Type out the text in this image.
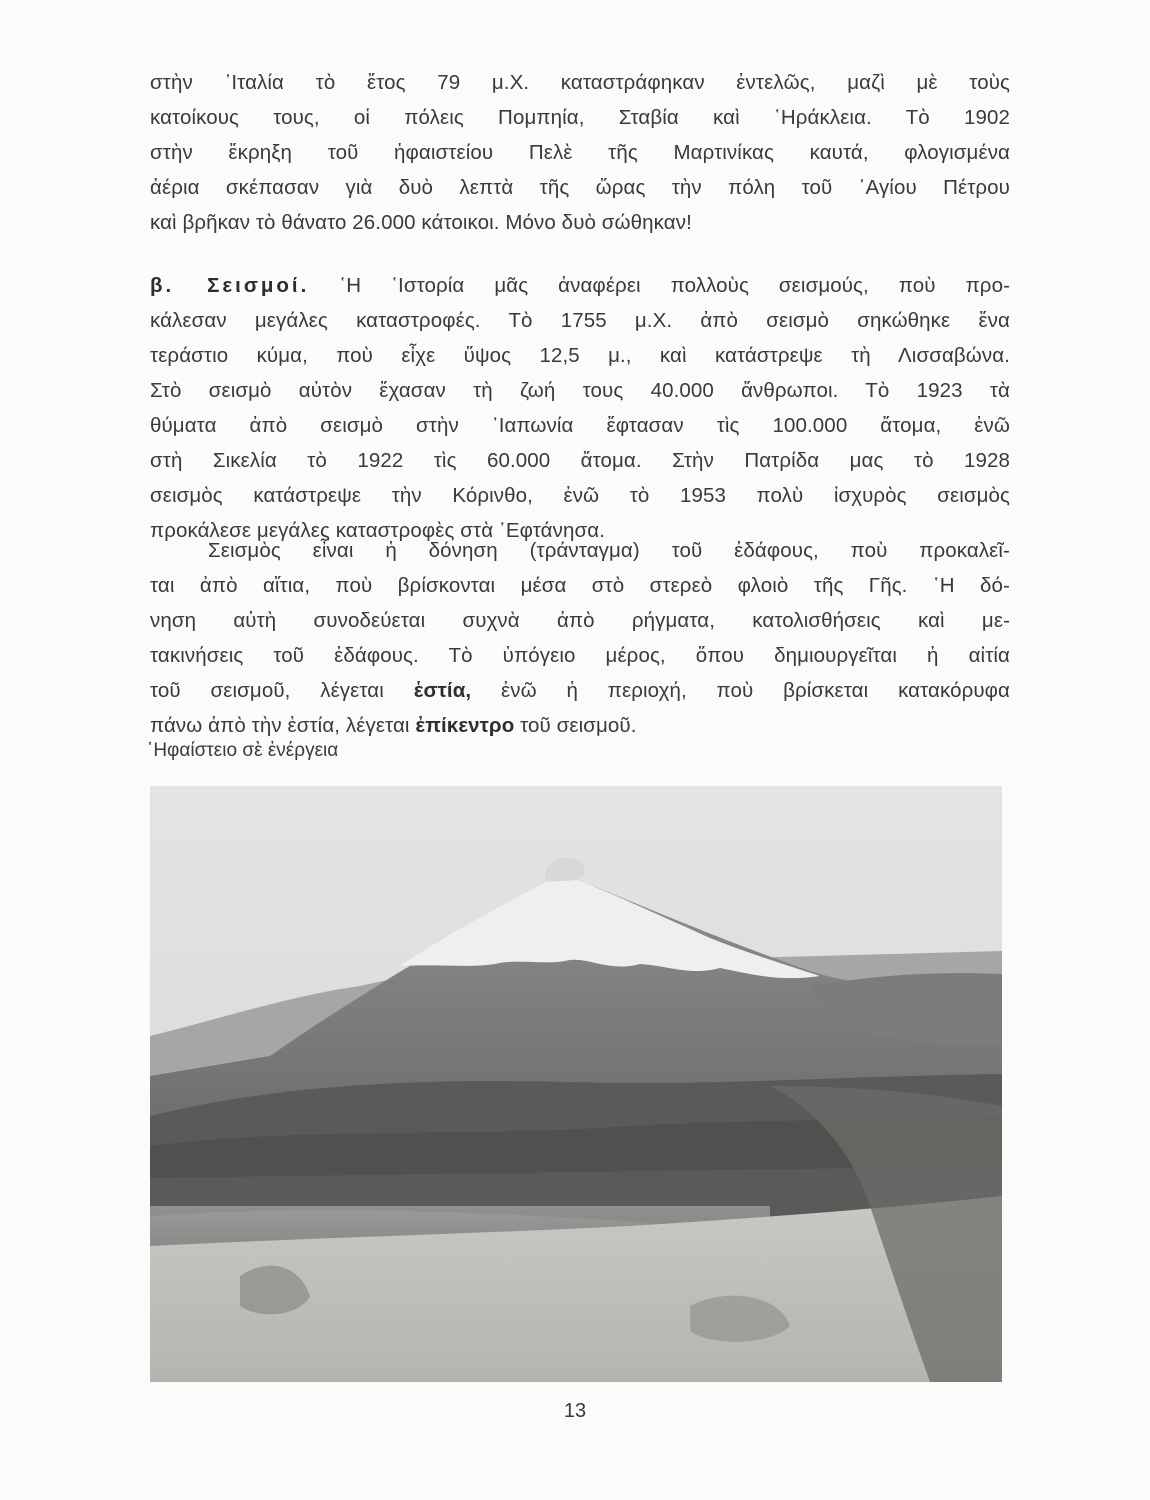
στὴν ᾿Ιταλία τὸ ἔτος 79 μ.Χ. καταστράφηκαν ἐντελῶς, μαζὶ μὲ τοὺς
κατοίκους τους, οἱ πόλεις Πομπηία, Σταβία καὶ ῾Ηράκλεια. Τὸ 1902
στὴν ἔκρηξη τοῦ ἡφαιστείου Πελὲ τῆς Μαρτινίκας καυτά, φλογισμένα
ἀέρια σκέπασαν γιὰ δυὸ λεπτὰ τῆς ὥρας τὴν πόλη τοῦ ῾Αγίου Πέτρου
καὶ βρῆκαν τὸ θάνατο 26.000 κάτοικοι. Μόνο δυὸ σώθηκαν!
β. Σεισμοί. ῾Η ῾Ιστορία μᾶς ἀναφέρει πολλοὺς σεισμούς, ποὺ προ-
κάλεσαν μεγάλες καταστροφές. Τὸ 1755 μ.Χ. ἀπὸ σεισμὸ σηκώθηκε ἕνα
τεράστιο κύμα, ποὺ εἶχε ὕψος 12,5 μ., καὶ κατάστρεψε τὴ Λισσαβώνα.
Στὸ σεισμὸ αὐτὸν ἔχασαν τὴ ζωή τους 40.000 ἄνθρωποι. Τὸ 1923 τὰ
θύματα ἀπὸ σεισμὸ στὴν ᾿Ιαπωνία ἔφτασαν τὶς 100.000 ἄτομα, ἐνῶ
στὴ Σικελία τὸ 1922 τὶς 60.000 ἄτομα. Στὴν Πατρίδα μας τὸ 1928
σεισμὸς κατάστρεψε τὴν Κόρινθο, ἐνῶ τὸ 1953 πολὺ ἰσχυρὸς σεισμὸς
προκάλεσε μεγάλες καταστροφὲς στὰ ῾Εφτάνησα.
Σεισμὸς εἶναι ἡ δόνηση (τράνταγμα) τοῦ ἐδάφους, ποὺ προκαλεῖ-
ται ἀπὸ αἴτια, ποὺ βρίσκονται μέσα στὸ στερεὸ φλοιὸ τῆς Γῆς. ῾Η δό-
νηση αὐτὴ συνοδεύεται συχνὰ ἀπὸ ρήγματα, κατολισθήσεις καὶ με-
τακινήσεις τοῦ ἐδάφους. Τὸ ὑπόγειο μέρος, ὅπου δημιουργεῖται ἡ αἰτία
τοῦ σεισμοῦ, λέγεται ἑστία, ἐνῶ ἡ περιοχή, ποὺ βρίσκεται κατακόρυφα
πάνω ἀπὸ τὴν ἑστία, λέγεται ἐπίκεντρο τοῦ σεισμοῦ.
῾Ηφαίστειο σὲ ἐνέργεια
13
